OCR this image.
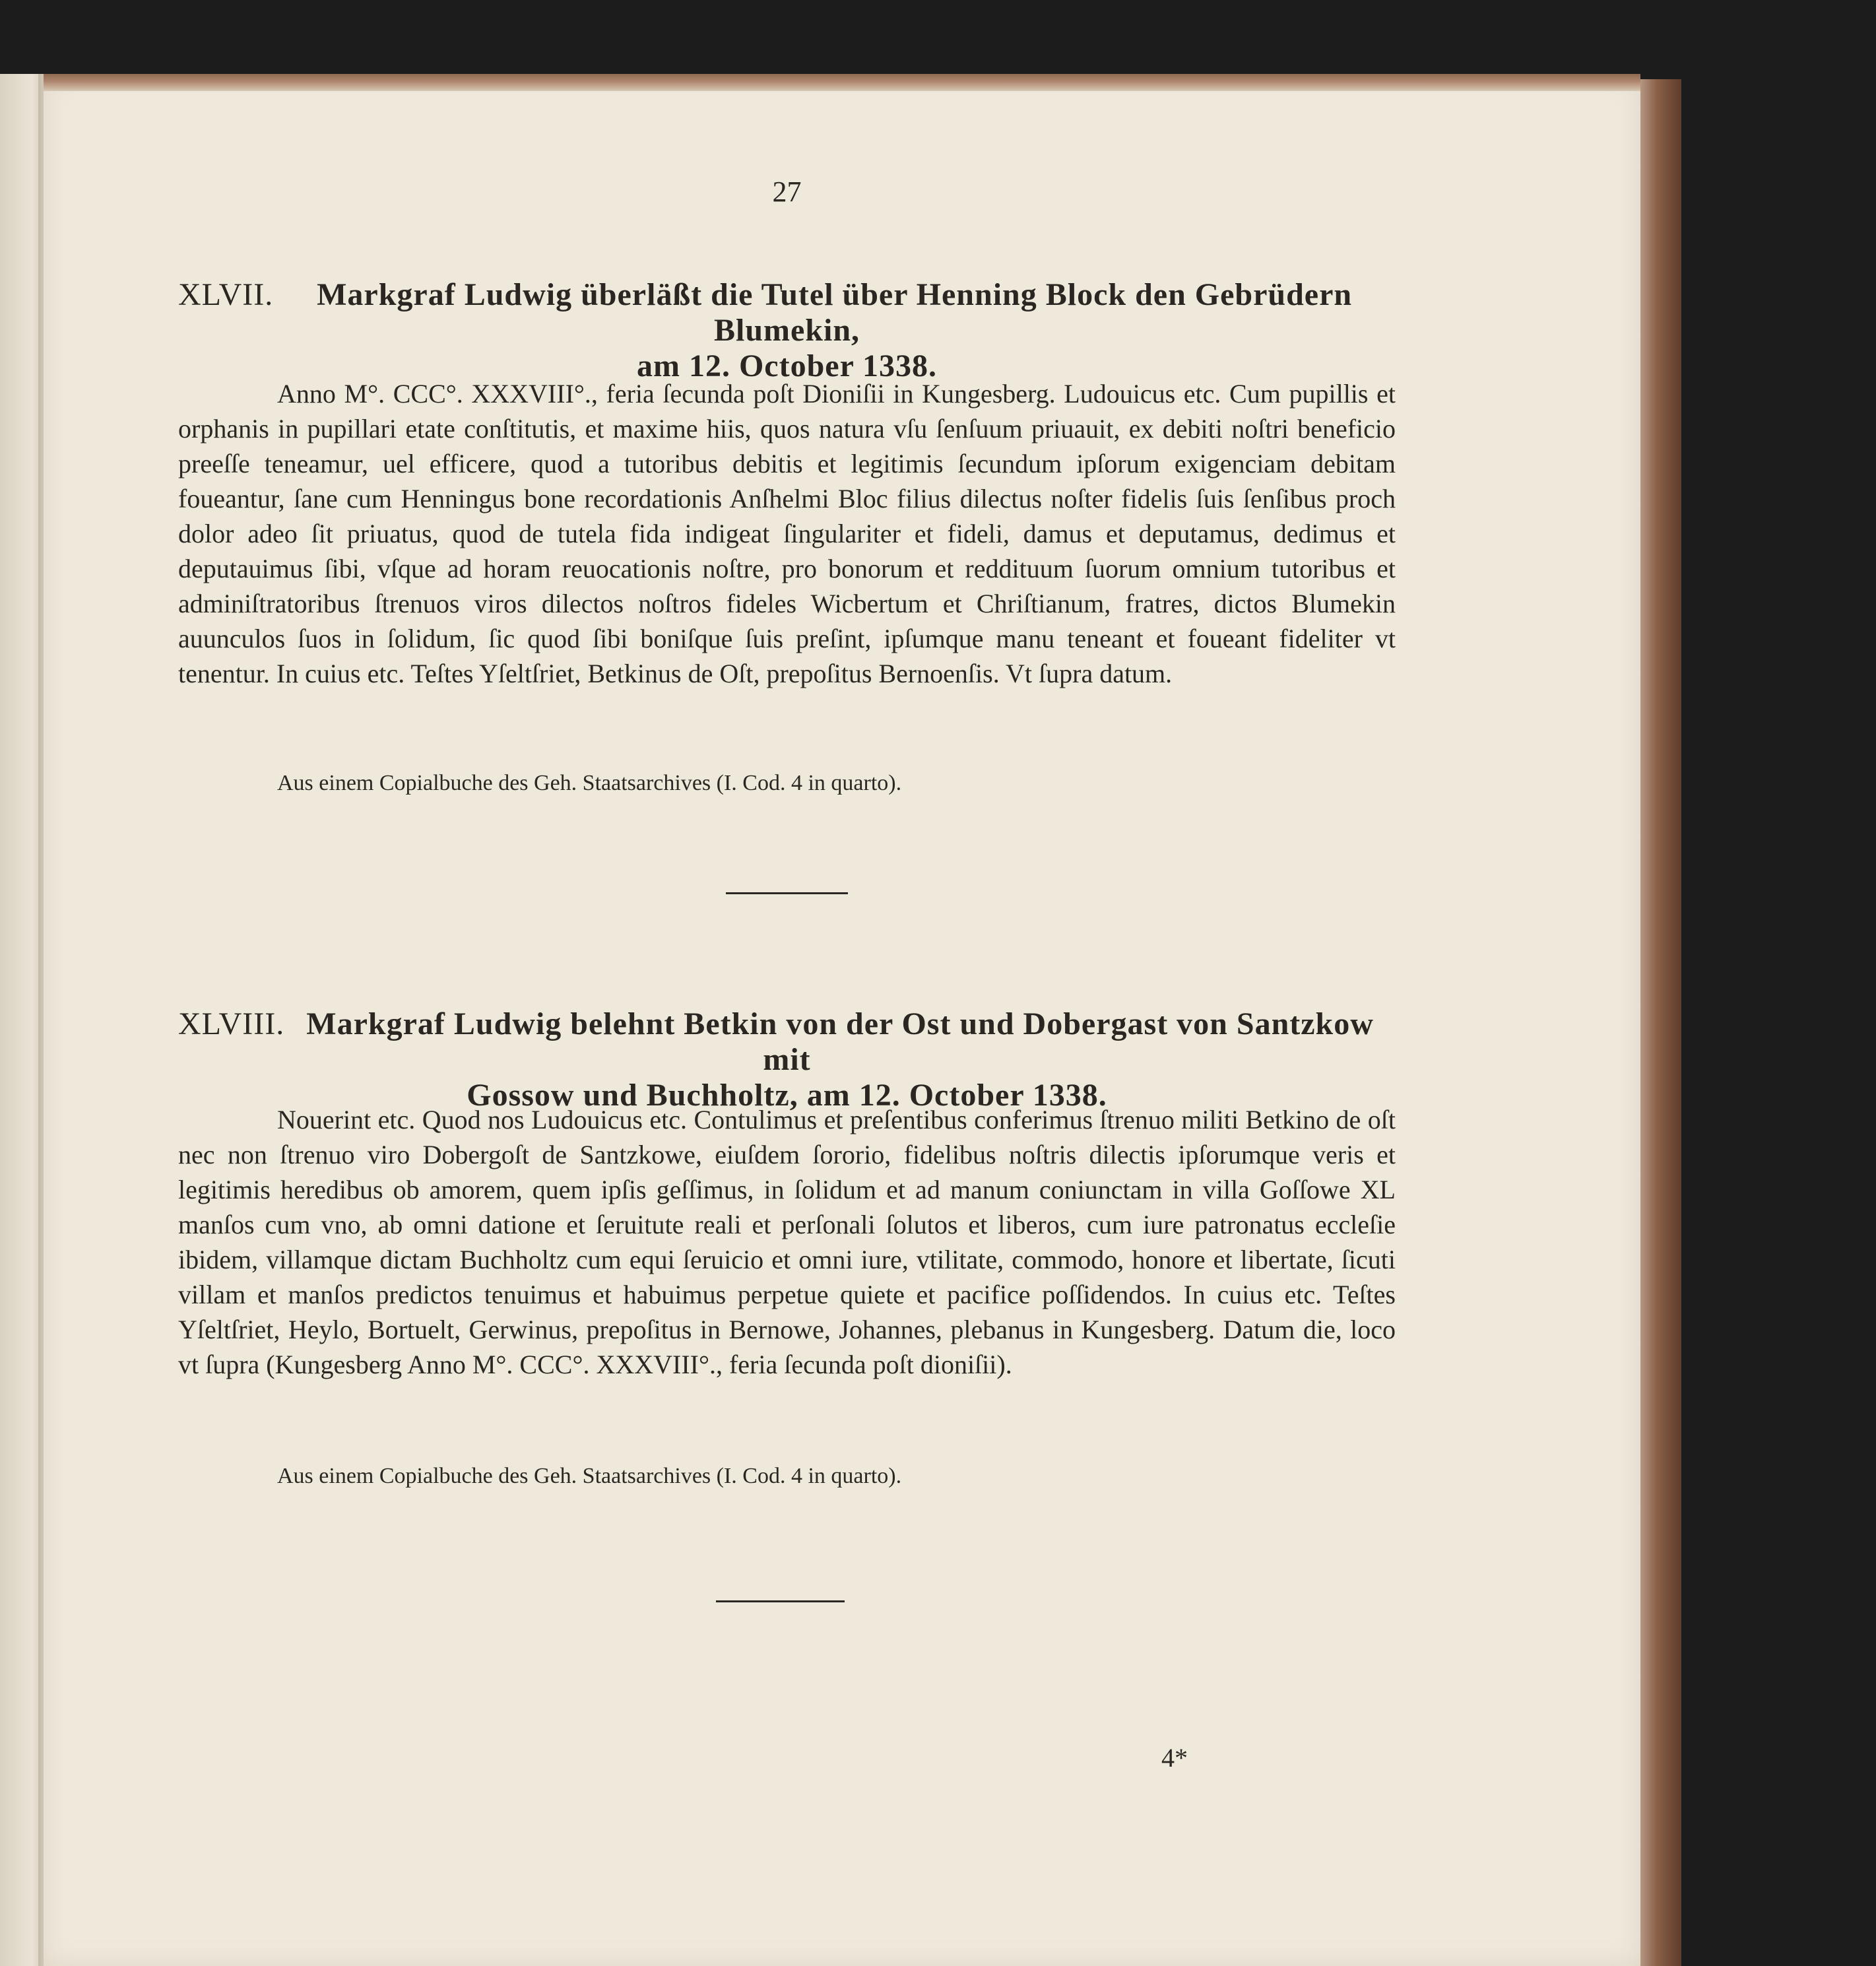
27
XLVII. Markgraf Ludwig überläßt die Tutel über Henning Block den Gebrüdern Blumekin,
am 12. October 1338.

Anno M°. CCC°. XXXVIII°., feria ſecunda poſt Dioniſii in Kungesberg. Ludouicus etc. Cum pupillis et orphanis in pupillari etate conſtitutis, et maxime hiis, quos natura vſu ſenſuum priuauit, ex debiti noſtri beneficio preeſſe teneamur, uel efficere, quod a tutoribus debitis et legitimis ſecundum ipſorum exigenciam debitam foueantur, ſane cum Henningus bone recordationis Anſhelmi Bloc filius dilectus noſter fidelis ſuis ſenſibus proch dolor adeo ſit priuatus, quod de tutela fida indigeat ſingulariter et fideli, damus et deputamus, dedimus et deputauimus ſibi, vſque ad horam reuocationis noſtre, pro bonorum et reddituum ſuorum omnium tutoribus et adminiſtratoribus ſtrenuos viros dilectos noſtros fideles Wicbertum et Chriſtianum, fratres, dictos Blumekin auunculos ſuos in ſolidum, ſic quod ſibi boniſque ſuis preſint, ipſumque manu teneant et foueant fideliter vt tenentur. In cuius etc. Teſtes Yſeltſriet, Betkinus de Oſt, prepoſitus Bernoenſis. Vt ſupra datum.

Aus einem Copialbuche des Geh. Staatsarchives (I. Cod. 4 in quarto).
XLVIII. Markgraf Ludwig belehnt Betkin von der Ost und Dobergast von Santzkow mit
Gossow und Buchholtz, am 12. October 1338.

Nouerint etc. Quod nos Ludouicus etc. Contulimus et preſentibus conferimus ſtrenuo militi Betkino de oſt nec non ſtrenuo viro Dobergoſt de Santzkowe, eiuſdem ſororio, fidelibus noſtris dilectis ipſorumque veris et legitimis heredibus ob amorem, quem ipſis geſſimus, in ſolidum et ad manum coniunctam in villa Goſſowe XL manſos cum vno, ab omni datione et ſeruitute reali et perſonali ſolutos et liberos, cum iure patronatus eccleſie ibidem, villamque dictam Buchholtz cum equi ſeruicio et omni iure, vtilitate, commodo, honore et libertate, ſicuti villam et manſos predictos tenuimus et habuimus perpetue quiete et pacifice poſſidendos. In cuius etc. Teſtes Yſeltſriet, Heylo, Bortuelt, Gerwinus, prepoſitus in Bernowe, Johannes, plebanus in Kungesberg. Datum die, loco vt ſupra (Kungesberg Anno M°. CCC°. XXXVIII°., feria ſecunda poſt dioniſii).

Aus einem Copialbuche des Geh. Staatsarchives (I. Cod. 4 in quarto).
4*
